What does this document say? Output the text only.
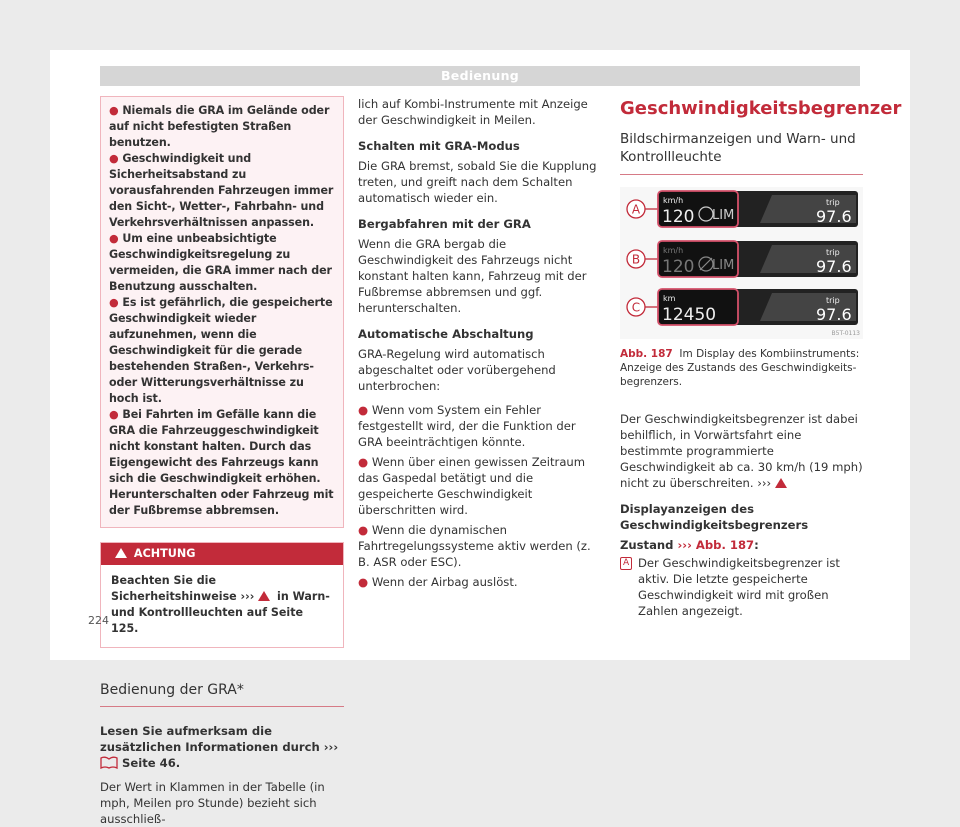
Bedienung

● Niemals die GRA im Gelände oder auf nicht befestigten Straßen benutzen.

● Geschwindigkeit und Sicherheitsabstand zu vorausfahrenden Fahrzeugen immer den Sicht-, Wetter-, Fahrbahn- und Verkehrsverhältnissen anpassen.

● Um eine unbeabsichtigte Geschwindigkeitsregelung zu vermeiden, die GRA immer nach der Benutzung ausschalten.

● Es ist gefährlich, die gespeicherte Geschwindigkeit wieder aufzunehmen, wenn die Geschwindigkeit für die gerade bestehenden Straßen-, Verkehrs- oder Witterungsverhältnisse zu hoch ist.

● Bei Fahrten im Gefälle kann die GRA die Fahrzeuggeschwindigkeit nicht konstant halten. Durch das Eigengewicht des Fahrzeugs kann sich die Geschwindigkeit erhöhen. Herunterschalten oder Fahrzeug mit der Fußbremse abbremsen.

ACHTUNG
Beachten Sie die Sicherheitshinweise ››› in Warn- und Kontrollleuchten auf Seite 125.
Bedienung der GRA*
Lesen Sie aufmerksam die zusätzlichen Informationen durch ›››  Seite 46.
Der Wert in Klammen in der Tabelle (in mph, Meilen pro Stunde) bezieht sich ausschließ-
lich auf Kombi-Instrumente mit Anzeige der Geschwindigkeit in Meilen.
Schalten mit GRA-Modus
Die GRA bremst, sobald Sie die Kupplung treten, und greift nach dem Schalten automatisch wieder ein.
Bergabfahren mit der GRA
Wenn die GRA bergab die Geschwindigkeit des Fahrzeugs nicht konstant halten kann, Fahrzeug mit der Fußbremse abbremsen und ggf. herunterschalten.
Automatische Abschaltung
GRA-Regelung wird automatisch abgeschaltet oder vorübergehend unterbrochen:
● Wenn vom System ein Fehler festgestellt wird, der die Funktion der GRA beeinträchtigen könnte.
● Wenn über einen gewissen Zeitraum das Gaspedal betätigt und die gespeicherte Geschwindigkeit überschritten wird.
● Wenn die dynamischen Fahrtregelungssysteme aktiv werden (z. B. ASR oder ESC).
● Wenn der Airbag auslöst.
Geschwindigkeitsbegrenzer
Bildschirmanzeigen und Warn- und Kontrollleuchte
A
km/h
120 LIM
trip
97.6
B
km/h
120 LIM
trip
97.6
C
km
12450
trip
97.6
B5T-0113
Abb. 187 Im Display des Kombiinstruments: Anzeige des Zustands des Geschwindigkeitsbegrenzers.
Der Geschwindigkeitsbegrenzer ist dabei behilflich, in Vorwärtsfahrt eine bestimmte programmierte Geschwindigkeit ab ca. 30 km/h (19 mph) nicht zu überschreiten. ›››
Displayanzeigen des Geschwindigkeitsbegrenzers
Zustand ››› Abb. 187:
A Der Geschwindigkeitsbegrenzer ist aktiv. Die letzte gespeicherte Geschwindigkeit wird mit großen Zahlen angezeigt.
224
